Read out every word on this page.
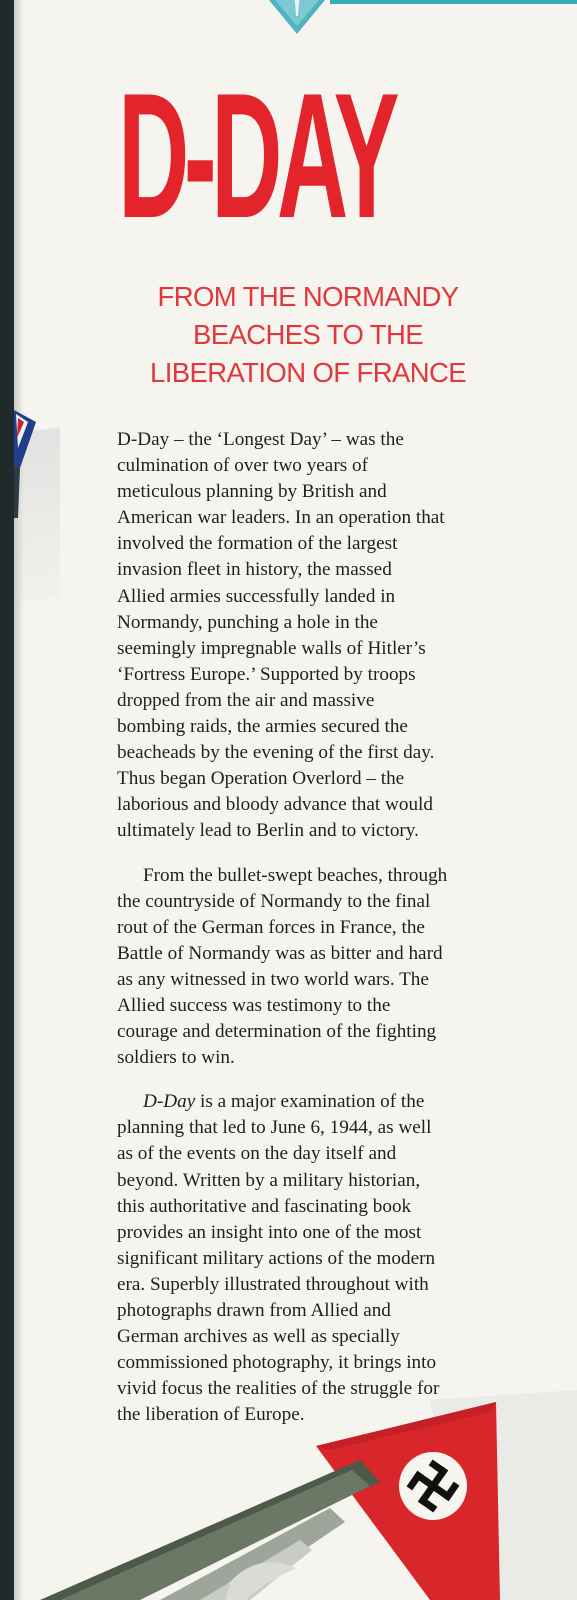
D-DAY
FROM THE NORMANDY
BEACHES TO THE
LIBERATION OF FRANCE

D-Day – the ‘Longest Day’ – was the
culmination of over two years of
meticulous planning by British and
American war leaders. In an operation that
involved the formation of the largest
invasion fleet in history, the massed
Allied armies successfully landed in
Normandy, punching a hole in the
seemingly impregnable walls of Hitler’s
‘Fortress Europe.’ Supported by troops
dropped from the air and massive
bombing raids, the armies secured the
beacheads by the evening of the first day.
Thus began Operation Overlord – the
laborious and bloody advance that would
ultimately lead to Berlin and to victory.

From the bullet-swept beaches, through
the countryside of Normandy to the final
rout of the German forces in France, the
Battle of Normandy was as bitter and hard
as any witnessed in two world wars. The
Allied success was testimony to the
courage and determination of the fighting
soldiers to win.

D-Day is a major examination of the
planning that led to June 6, 1944, as well
as of the events on the day itself and
beyond. Written by a military historian,
this authoritative and fascinating book
provides an insight into one of the most
significant military actions of the modern
era. Superbly illustrated throughout with
photographs drawn from Allied and
German archives as well as specially
commissioned photography, it brings into
vivid focus the realities of the struggle for
the liberation of Europe.
